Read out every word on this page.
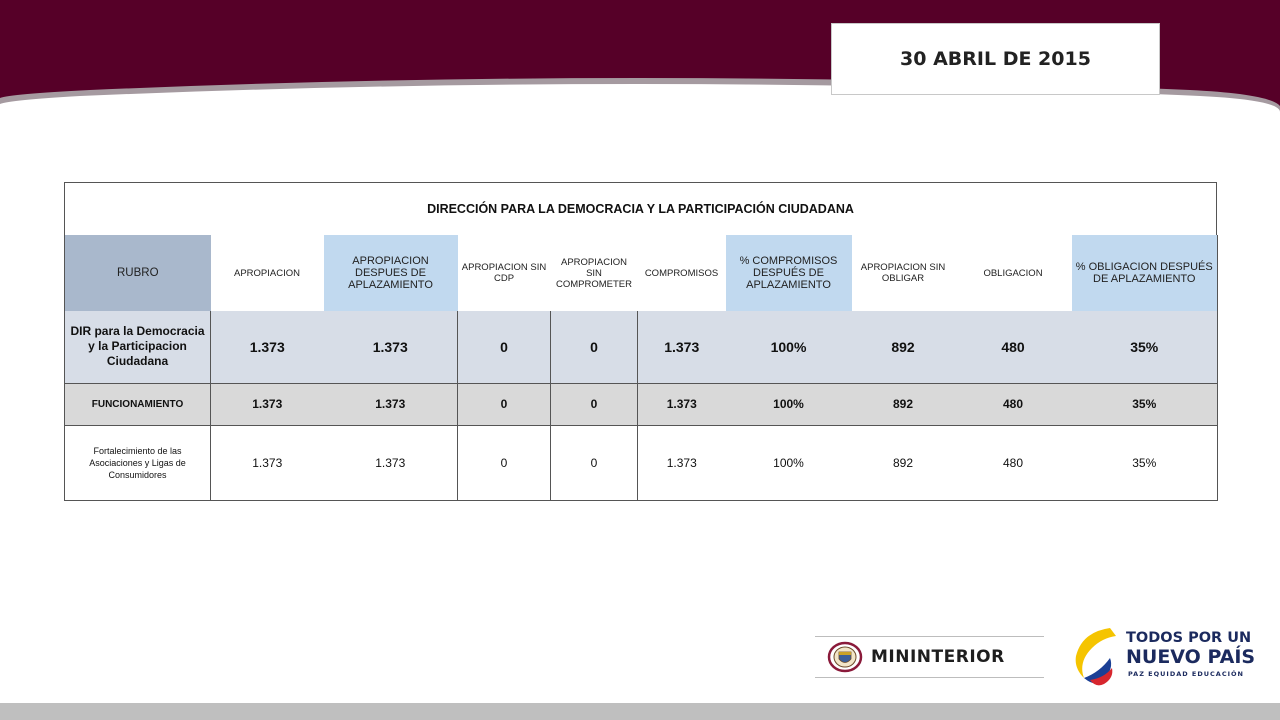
30 ABRIL DE 2015
DIRECCIÓN PARA LA DEMOCRACIA Y LA PARTICIPACIÓN CIUDADANA
RUBRO	APROPIACION	APROPIACION DESPUES DE APLAZAMIENTO	APROPIACION SIN CDP	APROPIACION SIN COMPROMETER	COMPROMISOS	% COMPROMISOS DESPUÉS DE APLAZAMIENTO	APROPIACION SIN OBLIGAR	OBLIGACION	% OBLIGACION DESPUÉS DE APLAZAMIENTO
DIR para la Democracia y la Participacion Ciudadana	1.373	1.373	0	0	1.373	100%	892	480	35%
FUNCIONAMIENTO	1.373	1.373	0	0	1.373	100%	892	480	35%
Fortalecimiento de las Asociaciones y Ligas de Consumidores	1.373	1.373	0	0	1.373	100%	892	480	35%
MININTERIOR
TODOS POR UN
NUEVO PAÍS
PAZ EQUIDAD EDUCACIÓN
